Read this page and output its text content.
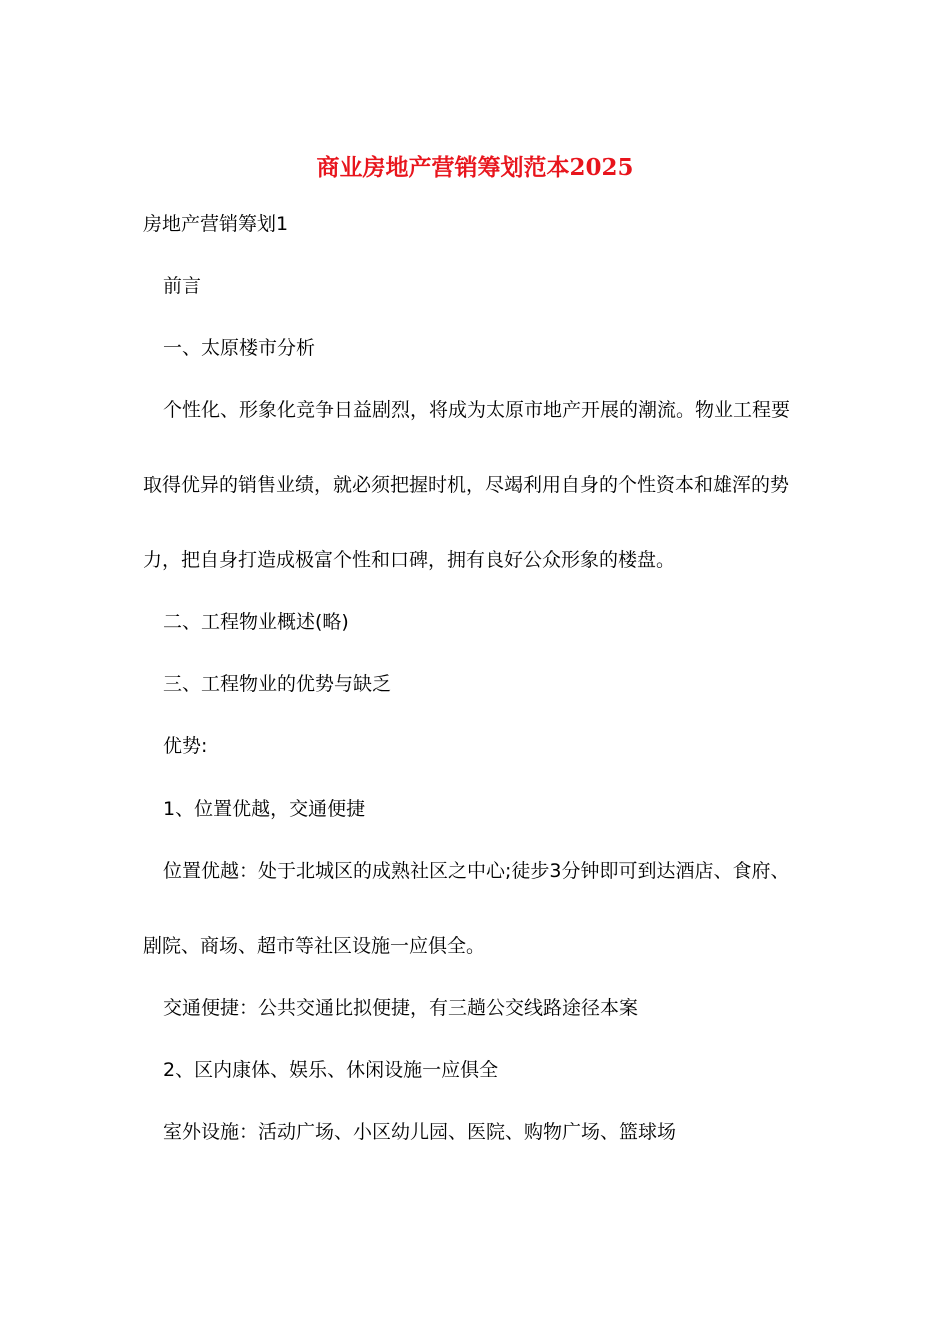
商业房地产营销筹划范本2025
房地产营销筹划1
前言
一、太原楼市分析
个性化、形象化竞争日益剧烈，将成为太原市地产开展的潮流。物业工程要
取得优异的销售业绩，就必须把握时机，尽竭利用自身的个性资本和雄浑的势
力，把自身打造成极富个性和口碑，拥有良好公众形象的楼盘。
二、工程物业概述(略)
三、工程物业的优势与缺乏
优势:
1、位置优越，交通便捷
位置优越：处于北城区的成熟社区之中心;徒步3分钟即可到达酒店、食府、
剧院、商场、超市等社区设施一应俱全。
交通便捷：公共交通比拟便捷，有三趟公交线路途径本案
2、区内康体、娱乐、休闲设施一应俱全
室外设施：活动广场、小区幼儿园、医院、购物广场、篮球场
